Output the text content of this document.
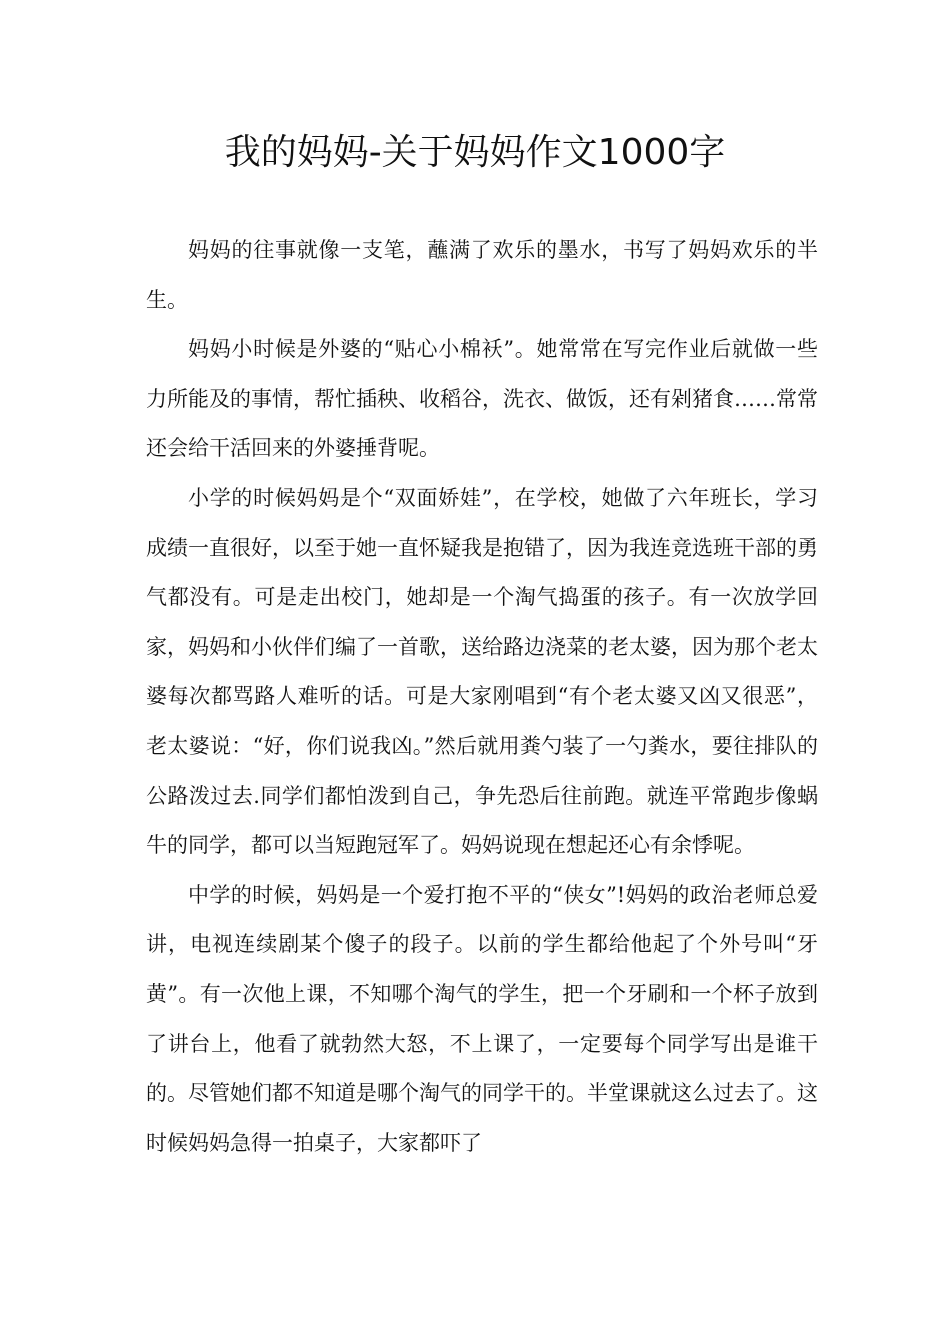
我的妈妈-关于妈妈作文1000字

妈妈的往事就像一支笔，蘸满了欢乐的墨水，书写了妈妈欢乐的半生。

妈妈小时候是外婆的“贴心小棉袄”。她常常在写完作业后就做一些力所能及的事情，帮忙插秧、收稻谷，洗衣、做饭，还有剁猪食……常常还会给干活回来的外婆捶背呢。

小学的时候妈妈是个“双面娇娃”，在学校，她做了六年班长，学习成绩一直很好，以至于她一直怀疑我是抱错了，因为我连竞选班干部的勇气都没有。可是走出校门，她却是一个淘气捣蛋的孩子。有一次放学回家，妈妈和小伙伴们编了一首歌，送给路边浇菜的老太婆，因为那个老太婆每次都骂路人难听的话。可是大家刚唱到“有个老太婆又凶又很恶”，老太婆说：“好，你们说我凶。”然后就用粪勺装了一勺粪水，要往排队的公路泼过去.同学们都怕泼到自己，争先恐后往前跑。就连平常跑步像蜗牛的同学，都可以当短跑冠军了。妈妈说现在想起还心有余悸呢。

中学的时候，妈妈是一个爱打抱不平的“侠女”!妈妈的政治老师总爱讲，电视连续剧某个傻子的段子。以前的学生都给他起了个外号叫“牙黄”。有一次他上课，不知哪个淘气的学生，把一个牙刷和一个杯子放到了讲台上，他看了就勃然大怒，不上课了，一定要每个同学写出是谁干的。尽管她们都不知道是哪个淘气的同学干的。半堂课就这么过去了。这时候妈妈急得一拍桌子，大家都吓了
